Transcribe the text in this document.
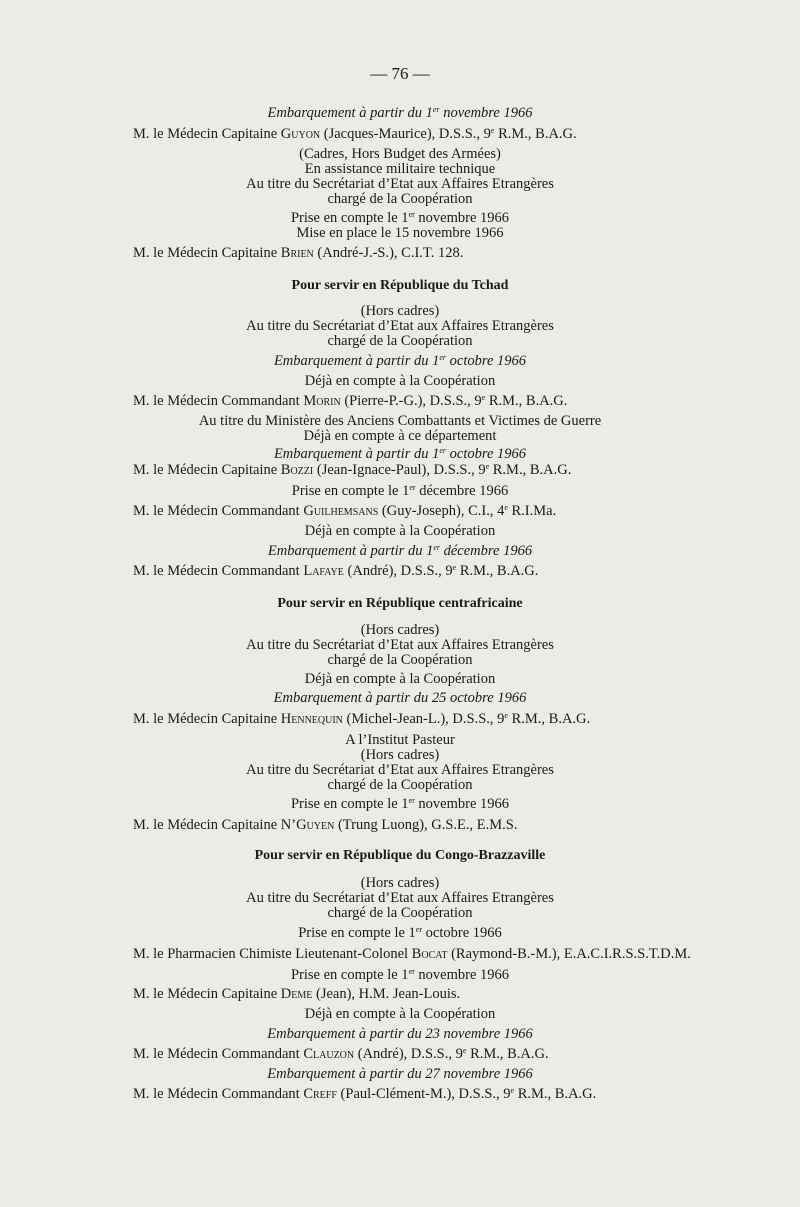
— 76 —
Embarquement à partir du 1er novembre 1966
M. le Médecin Capitaine Guyon (Jacques-Maurice), D.S.S., 9e R.M., B.A.G.
(Cadres, Hors Budget des Armées)
En assistance militaire technique
Au titre du Secrétariat d’Etat aux Affaires Etrangères
chargé de la Coopération
Prise en compte le 1er novembre 1966
Mise en place le 15 novembre 1966
M. le Médecin Capitaine Brien (André-J.-S.), C.I.T. 128.
Pour servir en République du Tchad
(Hors cadres)
Au titre du Secrétariat d’Etat aux Affaires Etrangères
chargé de la Coopération
Embarquement à partir du 1er octobre 1966
Déjà en compte à la Coopération
M. le Médecin Commandant Morin (Pierre-P.-G.), D.S.S., 9e R.M., B.A.G.
Au titre du Ministère des Anciens Combattants et Victimes de Guerre
Déjà en compte à ce département
Embarquement à partir du 1er octobre 1966
M. le Médecin Capitaine Bozzi (Jean-Ignace-Paul), D.S.S., 9e R.M., B.A.G.
Prise en compte le 1er décembre 1966
M. le Médecin Commandant Guilhemsans (Guy-Joseph), C.I., 4e R.I.Ma.
Déjà en compte à la Coopération
Embarquement à partir du 1er décembre 1966
M. le Médecin Commandant Lafaye (André), D.S.S., 9e R.M., B.A.G.
Pour servir en République centrafricaine
(Hors cadres)
Au titre du Secrétariat d’Etat aux Affaires Etrangères
chargé de la Coopération
Déjà en compte à la Coopération
Embarquement à partir du 25 octobre 1966
M. le Médecin Capitaine Hennequin (Michel-Jean-L.), D.S.S., 9e R.M., B.A.G.
A l’Institut Pasteur
(Hors cadres)
Au titre du Secrétariat d’Etat aux Affaires Etrangères
chargé de la Coopération
Prise en compte le 1er novembre 1966
M. le Médecin Capitaine N’Guyen (Trung Luong), G.S.E., E.M.S.
Pour servir en République du Congo-Brazzaville
(Hors cadres)
Au titre du Secrétariat d’Etat aux Affaires Etrangères
chargé de la Coopération
Prise en compte le 1er octobre 1966
M. le Pharmacien Chimiste Lieutenant-Colonel Bocat (Raymond-B.-M.), E.A.C.I.R.S.S.T.D.M.
Prise en compte le 1er novembre 1966
M. le Médecin Capitaine Deme (Jean), H.M. Jean-Louis.
Déjà en compte à la Coopération
Embarquement à partir du 23 novembre 1966
M. le Médecin Commandant Clauzon (André), D.S.S., 9e R.M., B.A.G.
Embarquement à partir du 27 novembre 1966
M. le Médecin Commandant Creff (Paul-Clément-M.), D.S.S., 9e R.M., B.A.G.
